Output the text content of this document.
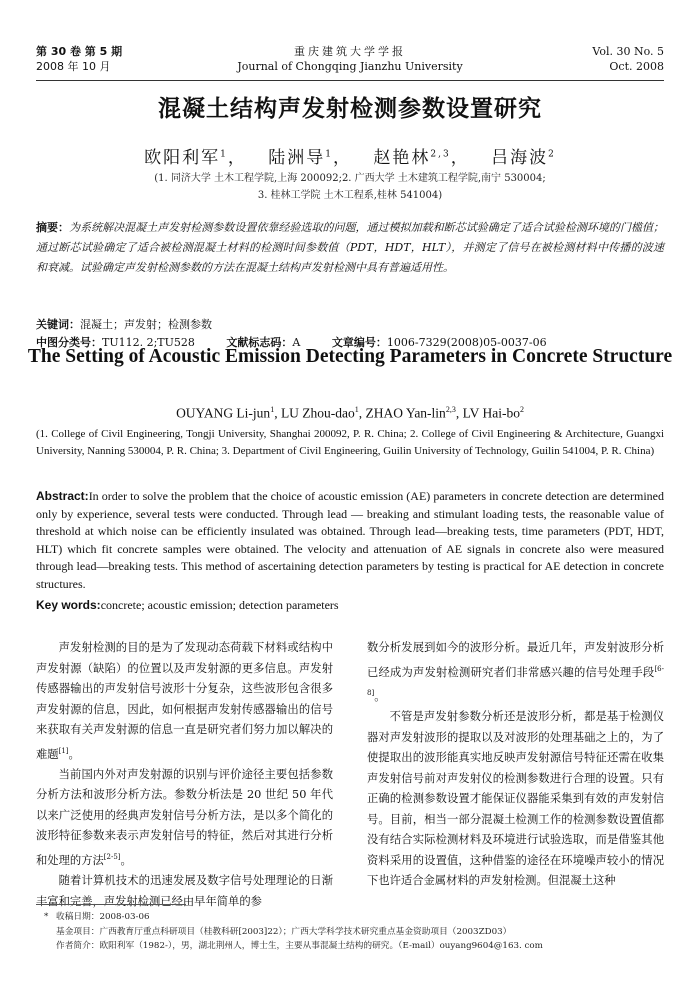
第 30 卷 第 5 期
2008 年 10 月
重庆建筑大学学报
Journal of Chongqing Jianzhu University
Vol. 30 No. 5
Oct. 2008
混凝土结构声发射检测参数设置研究
欧阳利军$^1$， 陆洲导$^1$， 赵艳林$^{2,3}$， 吕海波$^2$
(1. 同济大学 土木工程学院,上海 200092;2. 广西大学 土木建筑工程学院,南宁 530004;
3. 桂林工学院 土木工程系,桂林 541004)
摘要：为系统解决混凝土声发射检测参数设置依靠经验选取的问题，通过模拟加载和断芯试验确定了适合试验检测环境的门槛值；通过断芯试验确定了适合被检测混凝土材料的检测时间参数值（PDT，HDT，HLT），并测定了信号在被检测材料中传播的波速和衰减。试验确定声发射检测参数的方法在混凝土结构声发射检测中具有普遍适用性。
关键词：混凝土；声发射；检测参数
中图分类号：TU112. 2;TU528	文献标志码：A	文章编号：1006-7329(2008)05-0037-06
The Setting of Acoustic Emission Detecting Parameters in Concrete Structure
OUYANG Li-jun$^1$, LU Zhou-dao$^1$, ZHAO Yan-lin$^{2,3}$, LV Hai-$bo^2$
(1. College of Civil Engineering, Tongji University, Shanghai 200092, P. R. China; 2. College of Civil Engineering & Architecture, Guangxi University, Nanning 530004, P. R. China; 3. Department of Civil Engineering, Guilin University of Technology, Guilin 541004, P. R. China)
Abstract:In order to solve the problem that the choice of acoustic emission (AE) parameters in concrete detection are determined only by experience, several tests were conducted. Through lead — breaking and stimulant loading tests, the reasonable value of threshold at which noise can be efficiently insulated was obtained. Through lead—breaking tests, time parameters (PDT, HDT, HLT) which fit concrete samples were obtained. The velocity and attenuation of AE signals in concrete also were measured through lead—breaking tests. This method of ascertaining detection parameters by testing is practical for AE detection in concrete structures.
Key words:concrete; acoustic emission; detection parameters

声发射检测的目的是为了发现动态荷载下材料或结构中声发射源（缺陷）的位置以及声发射源的更多信息。声发射传感器输出的声发射信号波形十分复杂，这些波形包含很多声发射源的信息，因此，如何根据声发射传感器输出的信号来获取有关声发射源的信息一直是研究者们努力加以解决的难题[1]。

当前国内外对声发射源的识别与评价途径主要包括参数分析方法和波形分析方法。参数分析法是 20 世纪 50 年代以来广泛使用的经典声发射信号分析方法，是以多个简化的波形特征参数来表示声发射信号的特征，然后对其进行分析和处理的方法[2-5]。

随着计算机技术的迅速发展及数字信号处理理论的日渐丰富和完善，声发射检测已经由早年简单的参

数分析发展到如今的波形分析。最近几年，声发射波形分析已经成为声发射检测研究者们非常感兴趣的信号处理手段[6-8]。

不管是声发射参数分析还是波形分析，都是基于检测仪器对声发射波形的提取以及对波形的处理基础之上的，为了使提取出的波形能真实地反映声发射源信号特征还需在收集声发射信号前对声发射仪的检测参数进行合理的设置。只有正确的检测参数设置才能保证仪器能采集到有效的声发射信号。目前，相当一部分混凝土检测工作的检测参数设置值都没有结合实际检测材料及环境进行试验选取，而是借鉴其他资料采用的设置值，这种借鉴的途径在环境噪声较小的情况下也许适合金属材料的声发射检测。但混凝土这种

* 收稿日期：2008-03-06
基金项目：广西教育厅重点科研项目（桂教科研[2003]22）；广西大学科学技术研究重点基金资助项目（2003ZD03）
作者简介：欧阳利军（1982-），男，湖北荆州人，博士生，主要从事混凝土结构的研究。（E-mail）ouyang9604@163. com
